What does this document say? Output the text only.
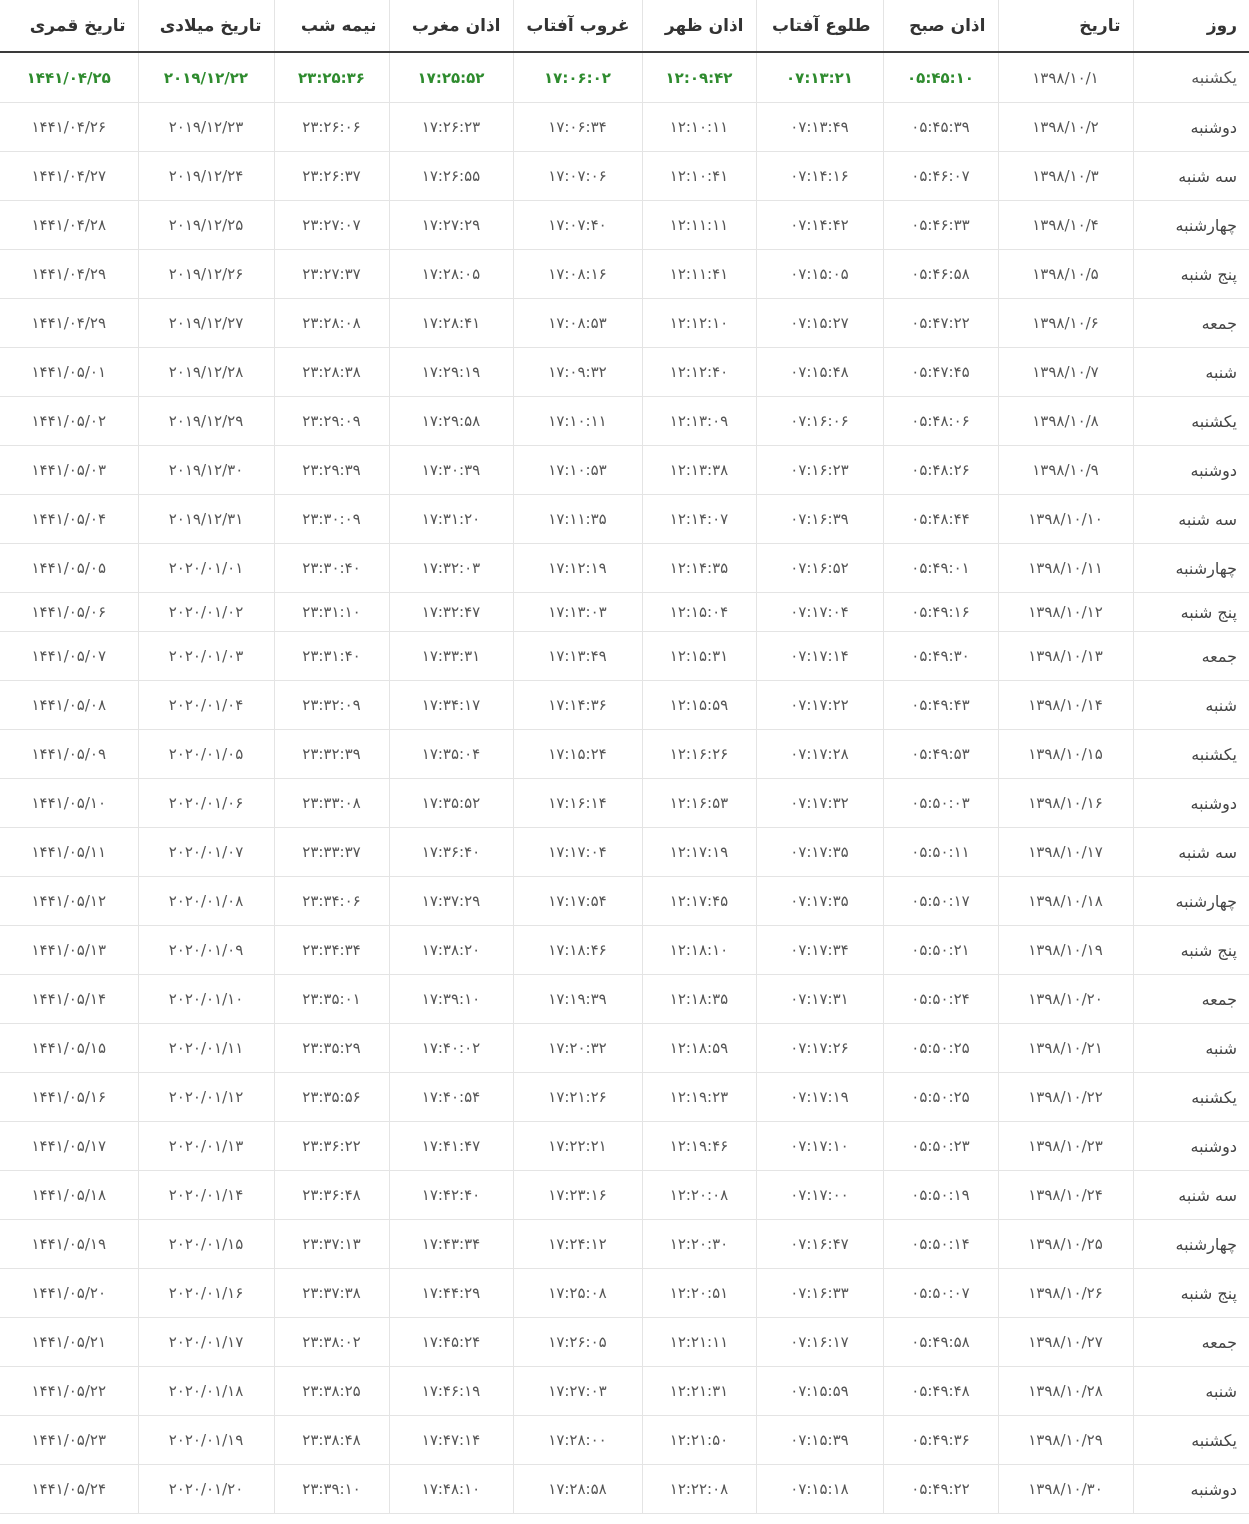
روز	تاریخ	اذان صبح	طلوع آفتاب	اذان ظهر	غروب آفتاب	اذان مغرب	نیمه شب	تاریخ میلادی	تاریخ قمری
یکشنبه	۱۳۹۸/۱۰/۱	۰۵:۴۵:۱۰	۰۷:۱۳:۲۱	۱۲:۰۹:۴۲	۱۷:۰۶:۰۲	۱۷:۲۵:۵۲	۲۳:۲۵:۳۶	۲۰۱۹/۱۲/۲۲	۱۴۴۱/۰۴/۲۵
دوشنبه	۱۳۹۸/۱۰/۲	۰۵:۴۵:۳۹	۰۷:۱۳:۴۹	۱۲:۱۰:۱۱	۱۷:۰۶:۳۴	۱۷:۲۶:۲۳	۲۳:۲۶:۰۶	۲۰۱۹/۱۲/۲۳	۱۴۴۱/۰۴/۲۶
سه شنبه	۱۳۹۸/۱۰/۳	۰۵:۴۶:۰۷	۰۷:۱۴:۱۶	۱۲:۱۰:۴۱	۱۷:۰۷:۰۶	۱۷:۲۶:۵۵	۲۳:۲۶:۳۷	۲۰۱۹/۱۲/۲۴	۱۴۴۱/۰۴/۲۷
چهارشنبه	۱۳۹۸/۱۰/۴	۰۵:۴۶:۳۳	۰۷:۱۴:۴۲	۱۲:۱۱:۱۱	۱۷:۰۷:۴۰	۱۷:۲۷:۲۹	۲۳:۲۷:۰۷	۲۰۱۹/۱۲/۲۵	۱۴۴۱/۰۴/۲۸
پنج شنبه	۱۳۹۸/۱۰/۵	۰۵:۴۶:۵۸	۰۷:۱۵:۰۵	۱۲:۱۱:۴۱	۱۷:۰۸:۱۶	۱۷:۲۸:۰۵	۲۳:۲۷:۳۷	۲۰۱۹/۱۲/۲۶	۱۴۴۱/۰۴/۲۹
جمعه	۱۳۹۸/۱۰/۶	۰۵:۴۷:۲۲	۰۷:۱۵:۲۷	۱۲:۱۲:۱۰	۱۷:۰۸:۵۳	۱۷:۲۸:۴۱	۲۳:۲۸:۰۸	۲۰۱۹/۱۲/۲۷	۱۴۴۱/۰۴/۲۹
شنبه	۱۳۹۸/۱۰/۷	۰۵:۴۷:۴۵	۰۷:۱۵:۴۸	۱۲:۱۲:۴۰	۱۷:۰۹:۳۲	۱۷:۲۹:۱۹	۲۳:۲۸:۳۸	۲۰۱۹/۱۲/۲۸	۱۴۴۱/۰۵/۰۱
یکشنبه	۱۳۹۸/۱۰/۸	۰۵:۴۸:۰۶	۰۷:۱۶:۰۶	۱۲:۱۳:۰۹	۱۷:۱۰:۱۱	۱۷:۲۹:۵۸	۲۳:۲۹:۰۹	۲۰۱۹/۱۲/۲۹	۱۴۴۱/۰۵/۰۲
دوشنبه	۱۳۹۸/۱۰/۹	۰۵:۴۸:۲۶	۰۷:۱۶:۲۳	۱۲:۱۳:۳۸	۱۷:۱۰:۵۳	۱۷:۳۰:۳۹	۲۳:۲۹:۳۹	۲۰۱۹/۱۲/۳۰	۱۴۴۱/۰۵/۰۳
سه شنبه	۱۳۹۸/۱۰/۱۰	۰۵:۴۸:۴۴	۰۷:۱۶:۳۹	۱۲:۱۴:۰۷	۱۷:۱۱:۳۵	۱۷:۳۱:۲۰	۲۳:۳۰:۰۹	۲۰۱۹/۱۲/۳۱	۱۴۴۱/۰۵/۰۴
چهارشنبه	۱۳۹۸/۱۰/۱۱	۰۵:۴۹:۰۱	۰۷:۱۶:۵۲	۱۲:۱۴:۳۵	۱۷:۱۲:۱۹	۱۷:۳۲:۰۳	۲۳:۳۰:۴۰	۲۰۲۰/۰۱/۰۱	۱۴۴۱/۰۵/۰۵
پنج شنبه	۱۳۹۸/۱۰/۱۲	۰۵:۴۹:۱۶	۰۷:۱۷:۰۴	۱۲:۱۵:۰۴	۱۷:۱۳:۰۳	۱۷:۳۲:۴۷	۲۳:۳۱:۱۰	۲۰۲۰/۰۱/۰۲	۱۴۴۱/۰۵/۰۶
جمعه	۱۳۹۸/۱۰/۱۳	۰۵:۴۹:۳۰	۰۷:۱۷:۱۴	۱۲:۱۵:۳۱	۱۷:۱۳:۴۹	۱۷:۳۳:۳۱	۲۳:۳۱:۴۰	۲۰۲۰/۰۱/۰۳	۱۴۴۱/۰۵/۰۷
شنبه	۱۳۹۸/۱۰/۱۴	۰۵:۴۹:۴۳	۰۷:۱۷:۲۲	۱۲:۱۵:۵۹	۱۷:۱۴:۳۶	۱۷:۳۴:۱۷	۲۳:۳۲:۰۹	۲۰۲۰/۰۱/۰۴	۱۴۴۱/۰۵/۰۸
یکشنبه	۱۳۹۸/۱۰/۱۵	۰۵:۴۹:۵۳	۰۷:۱۷:۲۸	۱۲:۱۶:۲۶	۱۷:۱۵:۲۴	۱۷:۳۵:۰۴	۲۳:۳۲:۳۹	۲۰۲۰/۰۱/۰۵	۱۴۴۱/۰۵/۰۹
دوشنبه	۱۳۹۸/۱۰/۱۶	۰۵:۵۰:۰۳	۰۷:۱۷:۳۲	۱۲:۱۶:۵۳	۱۷:۱۶:۱۴	۱۷:۳۵:۵۲	۲۳:۳۳:۰۸	۲۰۲۰/۰۱/۰۶	۱۴۴۱/۰۵/۱۰
سه شنبه	۱۳۹۸/۱۰/۱۷	۰۵:۵۰:۱۱	۰۷:۱۷:۳۵	۱۲:۱۷:۱۹	۱۷:۱۷:۰۴	۱۷:۳۶:۴۰	۲۳:۳۳:۳۷	۲۰۲۰/۰۱/۰۷	۱۴۴۱/۰۵/۱۱
چهارشنبه	۱۳۹۸/۱۰/۱۸	۰۵:۵۰:۱۷	۰۷:۱۷:۳۵	۱۲:۱۷:۴۵	۱۷:۱۷:۵۴	۱۷:۳۷:۲۹	۲۳:۳۴:۰۶	۲۰۲۰/۰۱/۰۸	۱۴۴۱/۰۵/۱۲
پنج شنبه	۱۳۹۸/۱۰/۱۹	۰۵:۵۰:۲۱	۰۷:۱۷:۳۴	۱۲:۱۸:۱۰	۱۷:۱۸:۴۶	۱۷:۳۸:۲۰	۲۳:۳۴:۳۴	۲۰۲۰/۰۱/۰۹	۱۴۴۱/۰۵/۱۳
جمعه	۱۳۹۸/۱۰/۲۰	۰۵:۵۰:۲۴	۰۷:۱۷:۳۱	۱۲:۱۸:۳۵	۱۷:۱۹:۳۹	۱۷:۳۹:۱۰	۲۳:۳۵:۰۱	۲۰۲۰/۰۱/۱۰	۱۴۴۱/۰۵/۱۴
شنبه	۱۳۹۸/۱۰/۲۱	۰۵:۵۰:۲۵	۰۷:۱۷:۲۶	۱۲:۱۸:۵۹	۱۷:۲۰:۳۲	۱۷:۴۰:۰۲	۲۳:۳۵:۲۹	۲۰۲۰/۰۱/۱۱	۱۴۴۱/۰۵/۱۵
یکشنبه	۱۳۹۸/۱۰/۲۲	۰۵:۵۰:۲۵	۰۷:۱۷:۱۹	۱۲:۱۹:۲۳	۱۷:۲۱:۲۶	۱۷:۴۰:۵۴	۲۳:۳۵:۵۶	۲۰۲۰/۰۱/۱۲	۱۴۴۱/۰۵/۱۶
دوشنبه	۱۳۹۸/۱۰/۲۳	۰۵:۵۰:۲۳	۰۷:۱۷:۱۰	۱۲:۱۹:۴۶	۱۷:۲۲:۲۱	۱۷:۴۱:۴۷	۲۳:۳۶:۲۲	۲۰۲۰/۰۱/۱۳	۱۴۴۱/۰۵/۱۷
سه شنبه	۱۳۹۸/۱۰/۲۴	۰۵:۵۰:۱۹	۰۷:۱۷:۰۰	۱۲:۲۰:۰۸	۱۷:۲۳:۱۶	۱۷:۴۲:۴۰	۲۳:۳۶:۴۸	۲۰۲۰/۰۱/۱۴	۱۴۴۱/۰۵/۱۸
چهارشنبه	۱۳۹۸/۱۰/۲۵	۰۵:۵۰:۱۴	۰۷:۱۶:۴۷	۱۲:۲۰:۳۰	۱۷:۲۴:۱۲	۱۷:۴۳:۳۴	۲۳:۳۷:۱۳	۲۰۲۰/۰۱/۱۵	۱۴۴۱/۰۵/۱۹
پنج شنبه	۱۳۹۸/۱۰/۲۶	۰۵:۵۰:۰۷	۰۷:۱۶:۳۳	۱۲:۲۰:۵۱	۱۷:۲۵:۰۸	۱۷:۴۴:۲۹	۲۳:۳۷:۳۸	۲۰۲۰/۰۱/۱۶	۱۴۴۱/۰۵/۲۰
جمعه	۱۳۹۸/۱۰/۲۷	۰۵:۴۹:۵۸	۰۷:۱۶:۱۷	۱۲:۲۱:۱۱	۱۷:۲۶:۰۵	۱۷:۴۵:۲۴	۲۳:۳۸:۰۲	۲۰۲۰/۰۱/۱۷	۱۴۴۱/۰۵/۲۱
شنبه	۱۳۹۸/۱۰/۲۸	۰۵:۴۹:۴۸	۰۷:۱۵:۵۹	۱۲:۲۱:۳۱	۱۷:۲۷:۰۳	۱۷:۴۶:۱۹	۲۳:۳۸:۲۵	۲۰۲۰/۰۱/۱۸	۱۴۴۱/۰۵/۲۲
یکشنبه	۱۳۹۸/۱۰/۲۹	۰۵:۴۹:۳۶	۰۷:۱۵:۳۹	۱۲:۲۱:۵۰	۱۷:۲۸:۰۰	۱۷:۴۷:۱۴	۲۳:۳۸:۴۸	۲۰۲۰/۰۱/۱۹	۱۴۴۱/۰۵/۲۳
دوشنبه	۱۳۹۸/۱۰/۳۰	۰۵:۴۹:۲۲	۰۷:۱۵:۱۸	۱۲:۲۲:۰۸	۱۷:۲۸:۵۸	۱۷:۴۸:۱۰	۲۳:۳۹:۱۰	۲۰۲۰/۰۱/۲۰	۱۴۴۱/۰۵/۲۴
